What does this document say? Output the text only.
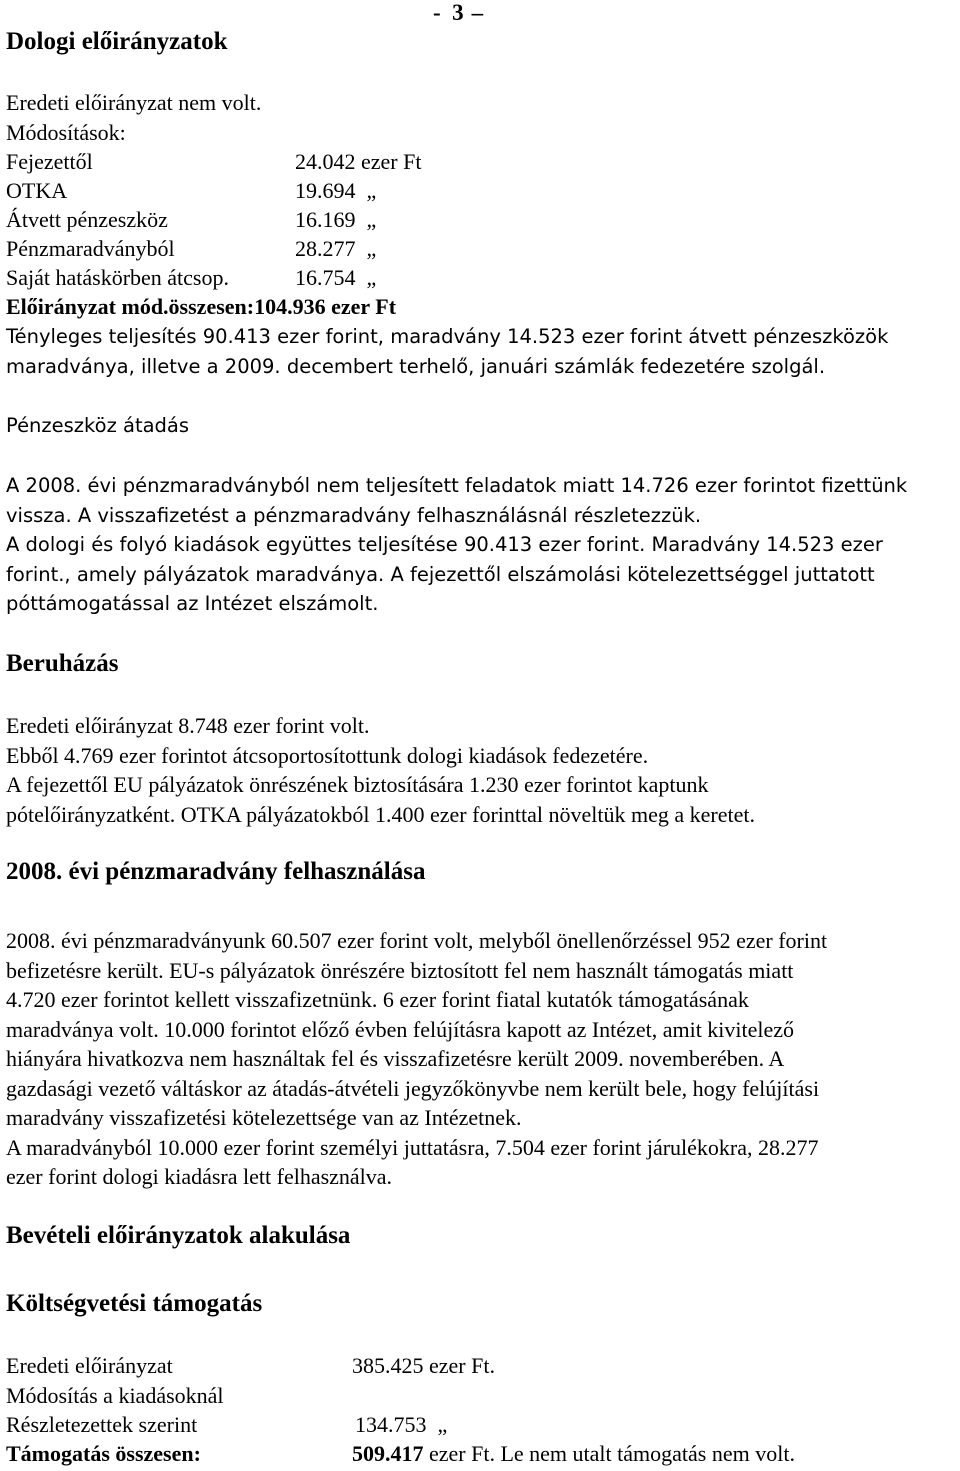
-  3 –
Dologi előirányzatok
Eredeti előirányzat nem volt.
Módosítások:
Fejezettől	24.042 ezer Ft
OTKA	19.694  „
Átvett pénzeszköz	16.169  „
Pénzmaradványból	28.277  „
Saját hatáskörben átcsop.	16.754  „
Előirányzat mód.összesen:104.936 ezer Ft
Tényleges teljesítés 90.413 ezer forint, maradvány 14.523 ezer forint átvett pénzeszközök
maradványa, illetve a 2009. decembert terhelő, januári számlák fedezetére szolgál.
Pénzeszköz átadás
A 2008. évi pénzmaradványból nem teljesített feladatok miatt 14.726 ezer forintot fizettünk
vissza. A visszafizetést a pénzmaradvány felhasználásnál részletezzük.
A dologi és folyó kiadások együttes teljesítése 90.413 ezer forint. Maradvány 14.523 ezer
forint., amely pályázatok maradványa. A fejezettől elszámolási kötelezettséggel juttatott
póttámogatással az Intézet elszámolt.
Beruházás
Eredeti előirányzat 8.748 ezer forint volt.
Ebből 4.769 ezer forintot átcsoportosítottunk dologi kiadások fedezetére.
A fejezettől EU pályázatok önrészének biztosítására 1.230 ezer forintot kaptunk
pótelőirányzatként. OTKA pályázatokból 1.400 ezer forinttal növeltük meg a keretet.
2008. évi pénzmaradvány felhasználása
2008. évi pénzmaradványunk 60.507 ezer forint volt, melyből önellenőrzéssel 952 ezer forint
befizetésre került. EU-s pályázatok önrészére biztosított fel nem használt támogatás miatt
4.720 ezer forintot kellett visszafizetnünk. 6 ezer forint fiatal kutatók támogatásának
maradványa volt. 10.000 forintot előző évben felújításra kapott az Intézet, amit kivitelező
hiányára hivatkozva nem használtak fel és visszafizetésre került 2009. novemberében. A
gazdasági vezető váltáskor az átadás-átvételi jegyzőkönyvbe nem került bele, hogy felújítási
maradvány visszafizetési kötelezettsége van az Intézetnek.
A maradványból 10.000 ezer forint személyi juttatásra, 7.504 ezer forint járulékokra, 28.277
ezer forint dologi kiadásra lett felhasználva.
Bevételi előirányzatok alakulása
Költségvetési támogatás
Eredeti előirányzat	385.425 ezer Ft.
Módosítás a kiadásoknál
Részletezettek szerint	134.753  „
Támogatás összesen:	509.417 ezer Ft. Le nem utalt támogatás nem volt.
